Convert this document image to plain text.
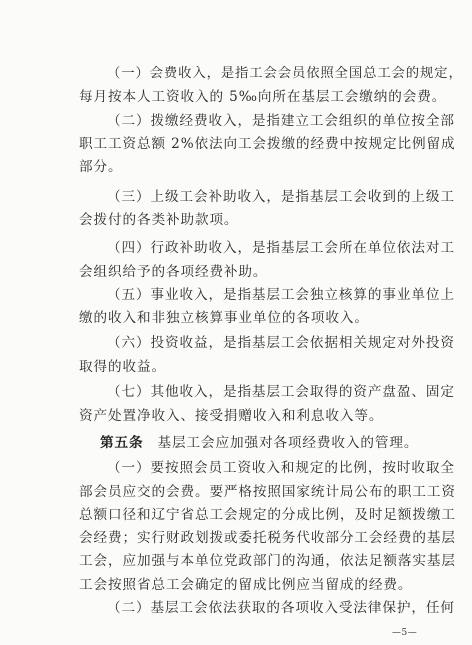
（一）会费收入，是指工会会员依照全国总工会的规定，
每月按本人工资收入的 5‰向所在基层工会缴纳的会费。
（二）拨缴经费收入，是指建立工会组织的单位按全部
职工工资总额 2%依法向工会拨缴的经费中按规定比例留成
部分。
（三）上级工会补助收入，是指基层工会收到的上级工
会拨付的各类补助款项。
（四）行政补助收入，是指基层工会所在单位依法对工
会组织给予的各项经费补助。
（五）事业收入，是指基层工会独立核算的事业单位上
缴的收入和非独立核算事业单位的各项收入。
（六）投资收益，是指基层工会依据相关规定对外投资
取得的收益。
（七）其他收入，是指基层工会取得的资产盘盈、固定
资产处置净收入、接受捐赠收入和利息收入等。
第五条 基层工会应加强对各项经费收入的管理。
（一）要按照会员工资收入和规定的比例，按时收取全
部会员应交的会费。要严格按照国家统计局公布的职工工资
总额口径和辽宁省总工会规定的分成比例，及时足额拨缴工
会经费；实行财政划拨或委托税务代收部分工会经费的基层
工会，应加强与本单位党政部门的沟通，依法足额落实基层
工会按照省总工会确定的留成比例应当留成的经费。
（二）基层工会依法获取的各项收入受法律保护，任何
—5—
